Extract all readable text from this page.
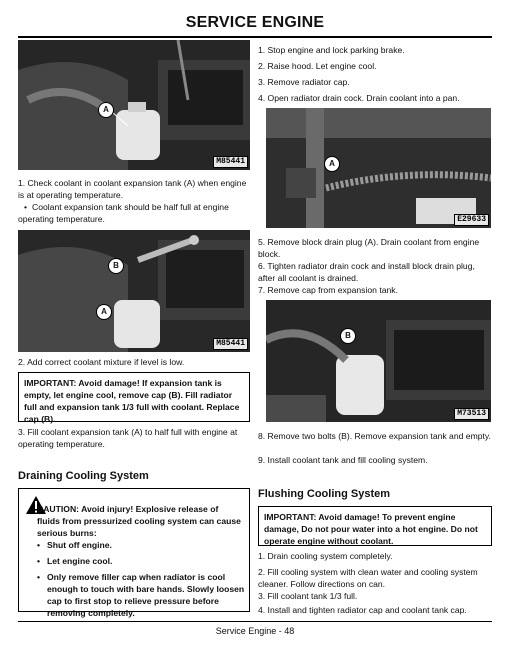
SERVICE ENGINE
A
M85441
1. Stop engine and lock parking brake.
2. Raise hood. Let engine cool.
3. Remove radiator cap.
4. Open radiator drain cock. Drain coolant into a pan.
A
E29633
1. Check coolant in coolant expansion tank (A) when engine is at operating temperature.
• Coolant expansion tank should be half full at engine operating temperature.
B
A
M85441
5. Remove block drain plug (A). Drain coolant from engine block.
6. Tighten radiator drain cock and install block drain plug, after all coolant is drained.
7. Remove cap from expansion tank.
B
M73513
2. Add correct coolant mixture if level is low.
IMPORTANT: Avoid damage! If expansion tank is empty, let engine cool, remove cap (B). Fill radiator full and expansion tank 1/3 full with coolant. Replace cap (B).
3. Fill coolant expansion tank (A) to half full with engine at operating temperature.
8. Remove two bolts (B). Remove expansion tank and empty.
9. Install coolant tank and fill cooling system.
Draining Cooling System
CAUTION: Avoid injury! Explosive release of fluids from pressurized cooling system can cause serious burns:
• Shut off engine.
• Let engine cool.
• Only remove filler cap when radiator is cool enough to touch with bare hands. Slowly loosen cap to first stop to relieve pressure before removing completely.
Flushing Cooling System
IMPORTANT: Avoid damage! To prevent engine damage, Do not pour water into a hot engine. Do not operate engine without coolant.
1. Drain cooling system completely.
2. Fill cooling system with clean water and cooling system cleaner. Follow directions on can.
3. Fill coolant tank 1/3 full.
4. Install and tighten radiator cap and coolant tank cap.
Service Engine - 48
